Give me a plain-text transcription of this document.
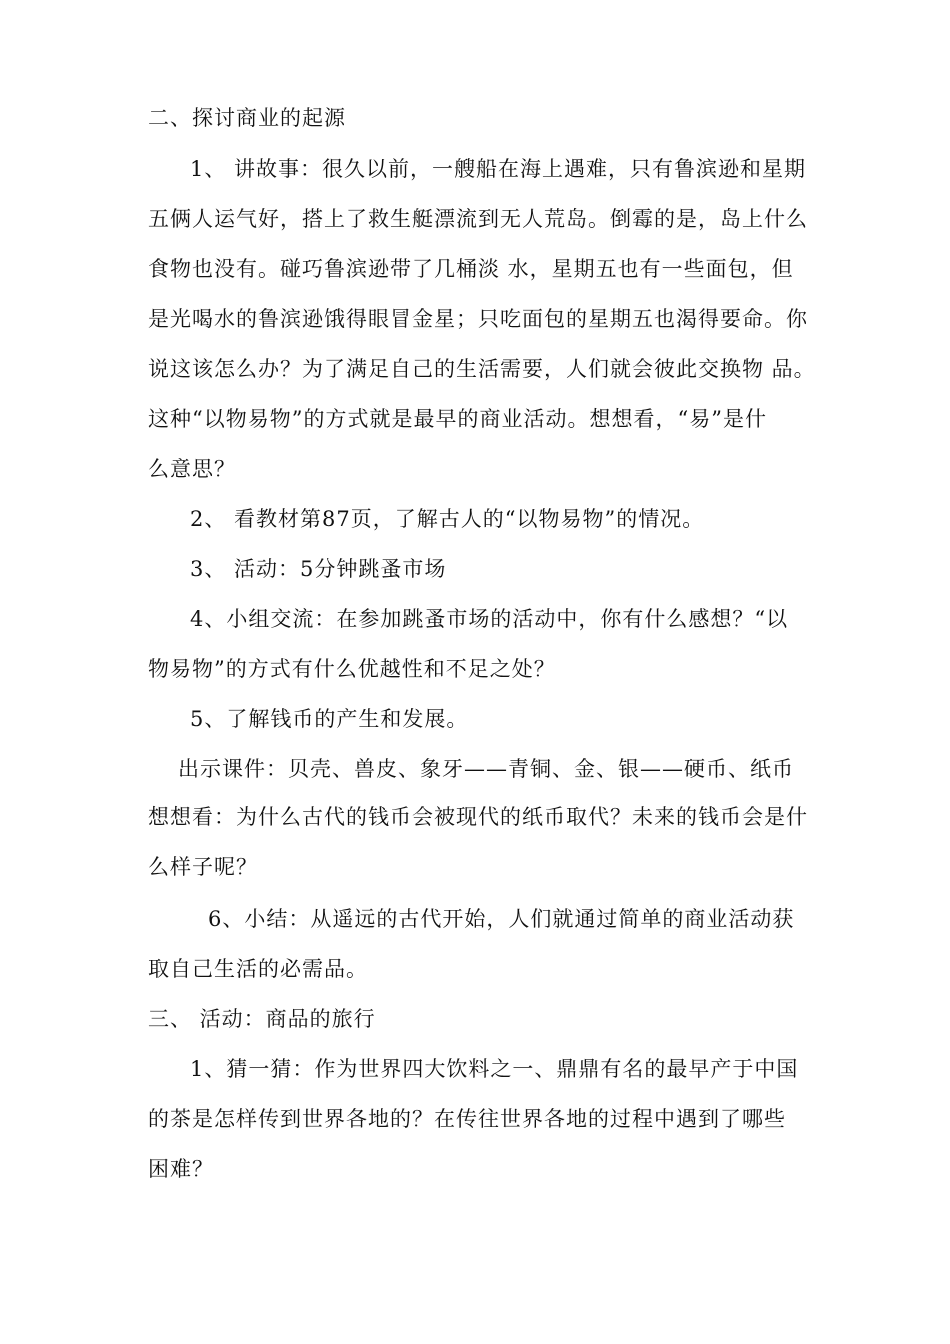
二、探讨商业的起源
1、 讲故事：很久以前，一艘船在海上遇难，只有鲁滨逊和星期
五俩人运气好，搭上了救生艇漂流到无人荒岛。倒霉的是，岛上什么
食物也没有。碰巧鲁滨逊带了几桶淡 水，星期五也有一些面包，但
是光喝水的鲁滨逊饿得眼冒金星；只吃面包的星期五也渴得要命。你
说这该怎么办？为了满足自己的生活需要，人们就会彼此交换物 品。
这种“以物易物”的方式就是最早的商业活动。想想看，“易”是什
么意思？
2、 看教材第87页，了解古人的“以物易物”的情况。
3、 活动：5分钟跳蚤市场
4、小组交流：在参加跳蚤市场的活动中，你有什么感想？“以
物易物”的方式有什么优越性和不足之处？
5、了解钱币的产生和发展。
出示课件：贝壳、兽皮、象牙——青铜、金、银——硬币、纸币
想想看：为什么古代的钱币会被现代的纸币取代？未来的钱币会是什
么样子呢？
6、小结：从遥远的古代开始，人们就通过简单的商业活动获
取自己生活的必需品。
三、 活动：商品的旅行
1、猜一猜：作为世界四大饮料之一、鼎鼎有名的最早产于中国
的茶是怎样传到世界各地的？在传往世界各地的过程中遇到了哪些
困难？
